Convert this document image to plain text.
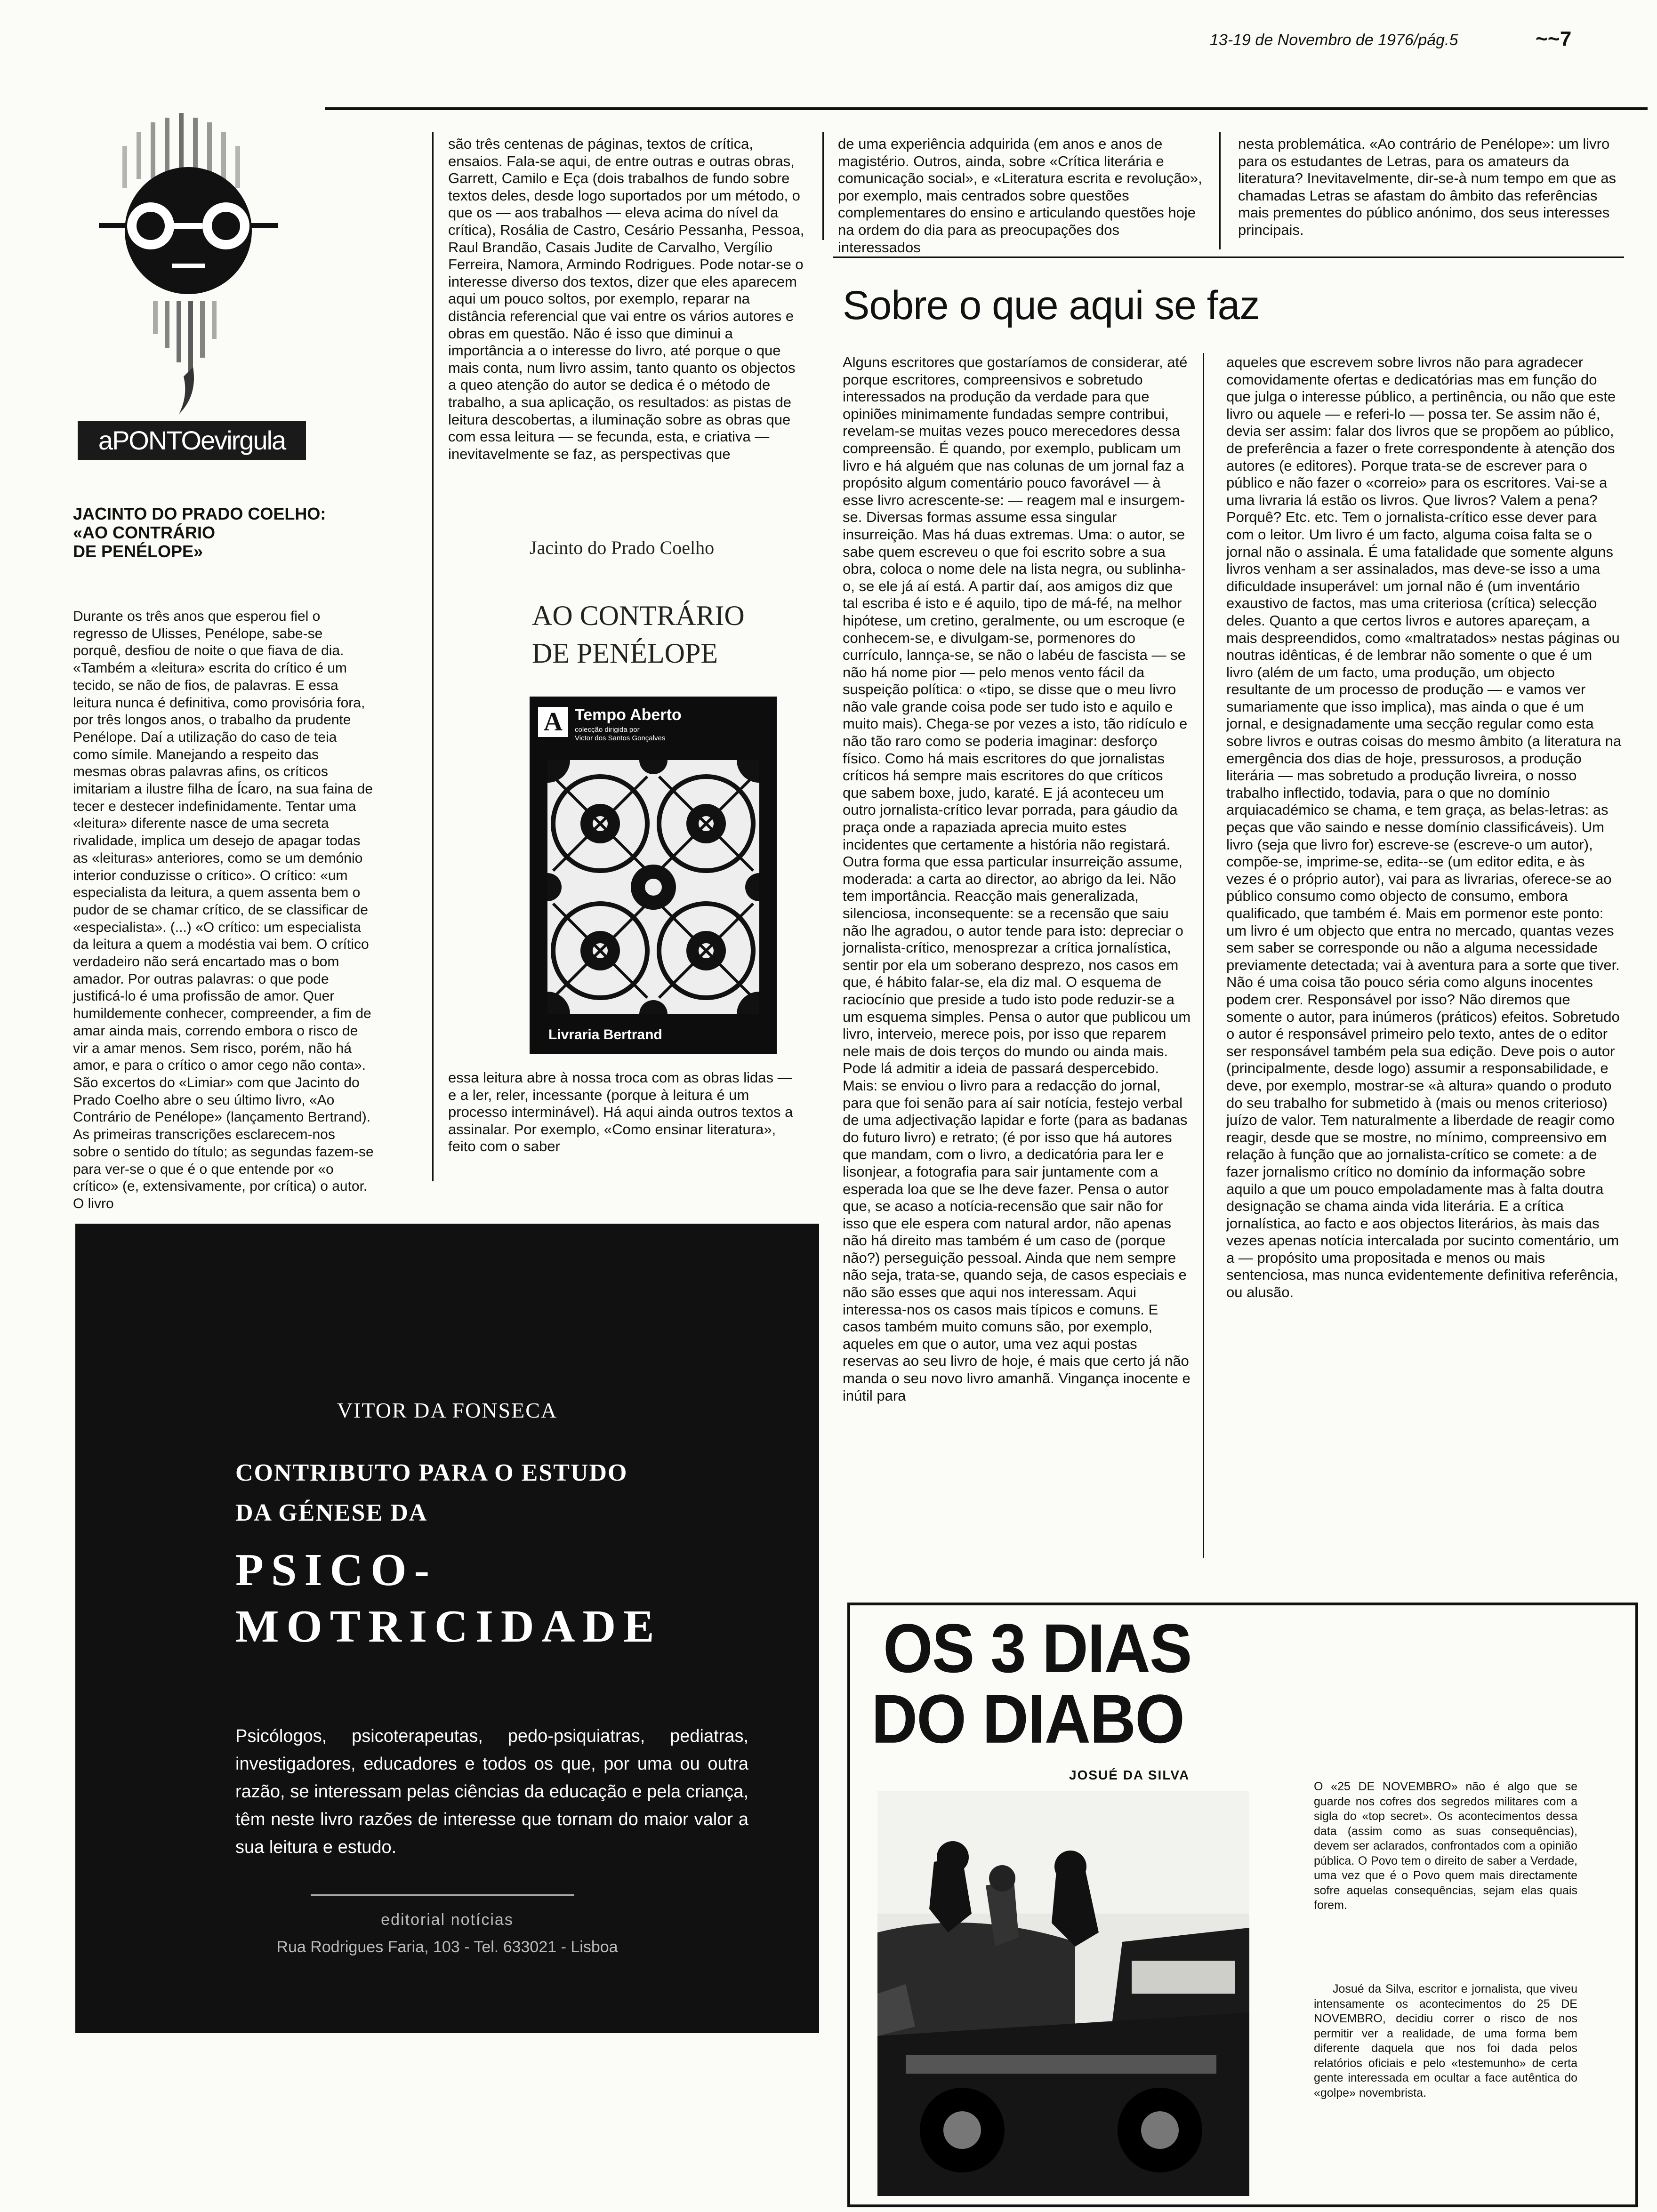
13-19 de Novembro de 1976/pág.5	~ ~ 7
aPONTOevirgula
JACINTO DO PRADO COELHO:
«AO CONTRÁRIO
DE PENÉLOPE»

Durante os três anos que esperou fiel o regresso de Ulisses, Penélope, sabe-se porquê, desfiou de noite o que fiava de dia. «Também a «leitura» escrita do crítico é um tecido, se não de fios, de palavras. E essa leitura nunca é definitiva, como provisória fora, por três longos anos, o trabalho da prudente Penélope. Daí a utilização do caso de teia como símile. Manejando a respeito das mesmas obras palavras afins, os críticos imitariam a ilustre filha de Ícaro, na sua faina de tecer e destecer indefinidamente. Tentar uma «leitura» diferente nasce de uma secreta rivalidade, implica um desejo de apagar todas as «leituras» anteriores, como se um demónio interior conduzisse o crítico». O crítico: «um especialista da leitura, a quem assenta bem o pudor de se chamar crítico, de se classificar de «especialista». (...) «O crítico: um especialista da leitura a quem a modéstia vai bem. O crítico verdadeiro não será encartado mas o bom amador. Por outras palavras: o que pode justificá-lo é uma profissão de amor. Quer humildemente conhecer, compreender, a fim de amar ainda mais, correndo embora o risco de vir a amar menos. Sem risco, porém, não há amor, e para o crítico o amor cego não conta». São excertos do «Limiar» com que Jacinto do Prado Coelho abre o seu último livro, «Ao Contrário de Penélope» (lançamento Bertrand). As primeiras transcrições esclarecem-nos sobre o sentido do título; as segundas fazem-se para ver-se o que é o que entende por «o crítico» (e, extensivamente, por crítica) o autor. O livro

são três centenas de páginas, textos de crítica, ensaios. Fala-se aqui, de entre outras e outras obras, Garrett, Camilo e Eça (dois trabalhos de fundo sobre textos deles, desde logo suportados por um método, o que os — aos trabalhos — eleva acima do nível da crítica), Rosália de Castro, Cesário Pessanha, Pessoa, Raul Brandão, Casais Judite de Carvalho, Vergílio Ferreira, Namora, Armindo Rodrigues. Pode notar-se o interesse diverso dos textos, dizer que eles aparecem aqui um pouco soltos, por exemplo, reparar na distância referencial que vai entre os vários autores e obras em questão. Não é isso que diminui a importância a o interesse do livro, até porque o que mais conta, num livro assim, tanto quanto os objectos a queo atenção do autor se dedica é o método de trabalho, a sua aplicação, os resultados: as pistas de leitura descobertas, a iluminação sobre as obras que com essa leitura — se fecunda, esta, e criativa — inevitavelmente se faz, as perspectivas que

Jacinto do Prado Coelho
AO CONTRÁRIO
DE PENÉLOPE
A Tempo Aberto
colecção dirigida por
Victor dos Santos Gonçalves
Livraria Bertrand

essa leitura abre à nossa troca com as obras lidas — e a ler, reler, incessante (porque à leitura é um processo interminável). Há aqui ainda outros textos a assinalar. Por exemplo, «Como ensinar literatura», feito com o saber

de uma experiência adquirida (em anos e anos de magistério. Outros, ainda, sobre «Crítica literária e comunicação social», e «Literatura escrita e revolução», por exemplo, mais centrados sobre questões complementares do ensino e articulando questões hoje na ordem do dia para as preocupações dos interessados

nesta problemática. «Ao contrário de Penélope»: um livro para os estudantes de Letras, para os amateurs da literatura? Inevitavelmente, dir-se-à num tempo em que as chamadas Letras se afastam do âmbito das referências mais prementes do público anónimo, dos seus interesses principais.

Sobre o que aqui se faz

Alguns escritores que gostaríamos de considerar, até porque escritores, compreensivos e sobretudo interessados na produção da verdade para que opiniões minimamente fundadas sempre contribui, revelam-se muitas vezes pouco merecedores dessa compreensão. É quando, por exemplo, publicam um livro e há alguém que nas colunas de um jornal faz a propósito algum comentário pouco favorável — à esse livro acrescente-se: — reagem mal e insurgem-se. Diversas formas assume essa singular insurreição. Mas há duas extremas. Uma: o autor, se sabe quem escreveu o que foi escrito sobre a sua obra, coloca o nome dele na lista negra, ou sublinha-o, se ele já aí está. A partir daí, aos amigos diz que tal escriba é isto e é aquilo, tipo de má-fé, na melhor hipótese, um cretino, geralmente, ou um escroque (e conhecem-se, e divulgam-se, pormenores do currículo, lannça-se, se não o labéu de fascista — se não há nome pior — pelo menos vento fácil da suspeição política: o «tipo, se disse que o meu livro não vale grande coisa pode ser tudo isto e aquilo e muito mais). Chega-se por vezes a isto, tão ridículo e não tão raro como se poderia imaginar: desforço físico. Como há mais escritores do que jornalistas críticos há sempre mais escritores do que críticos que sabem boxe, judo, karaté. E já aconteceu um outro jornalista-crítico levar porrada, para gáudio da praça onde a rapaziada aprecia muito estes incidentes que certamente a história não registará. Outra forma que essa particular insurreição assume, moderada: a carta ao director, ao abrigo da lei. Não tem importância. Reacção mais generalizada, silenciosa, inconsequente: se a recensão que saiu não lhe agradou, o autor tende para isto: depreciar o jornalista-crítico, menosprezar a crítica jornalística, sentir por ela um soberano desprezo, nos casos em que, é hábito falar-se, ela diz mal. O esquema de raciocínio que preside a tudo isto pode reduzir-se a um esquema simples. Pensa o autor que publicou um livro, interveio, merece pois, por isso que reparem nele mais de dois terços do mundo ou ainda mais. Pode lá admitir a ideia de passará despercebido. Mais: se enviou o livro para a redacção do jornal, para que foi senão para aí sair notícia, festejo verbal de uma adjectivação lapidar e forte (para as badanas do futuro livro) e retrato; (é por isso que há autores que mandam, com o livro, a dedicatória para ler e lisonjear, a fotografia para sair juntamente com a esperada loa que se lhe deve fazer. Pensa o autor que, se acaso a notícia-recensão que sair não for isso que ele espera com natural ardor, não apenas não há direito mas também é um caso de (porque não?) perseguição pessoal. Ainda que nem sempre não seja, trata-se, quando seja, de casos especiais e não são esses que aqui nos interessam. Aqui interessa-nos os casos mais típicos e comuns. E casos também muito comuns são, por exemplo, aqueles em que o autor, uma vez aqui postas reservas ao seu livro de hoje, é mais que certo já não manda o seu novo livro amanhã. Vingança inocente e inútil para

aqueles que escrevem sobre livros não para agradecer comovidamente ofertas e dedicatórias mas em função do que julga o interesse público, a pertinência, ou não que este livro ou aquele — e referi-lo — possa ter. Se assim não é, devia ser assim: falar dos livros que se propõem ao público, de preferência a fazer o frete correspondente à atenção dos autores (e editores). Porque trata-se de escrever para o público e não fazer o «correio» para os escritores. Vai-se a uma livraria lá estão os livros. Que livros? Valem a pena? Porquê? Etc. etc. Tem o jornalista-crítico esse dever para com o leitor. Um livro é um facto, alguma coisa falta se o jornal não o assinala. É uma fatalidade que somente alguns livros venham a ser assinalados, mas deve-se isso a uma dificuldade insuperável: um jornal não é (um inventário exaustivo de factos, mas uma criteriosa (crítica) selecção deles. Quanto a que certos livros e autores apareçam, a mais despreendidos, como «maltratados» nestas páginas ou noutras idênticas, é de lembrar não somente o que é um livro (além de um facto, uma produção, um objecto resultante de um processo de produção — e vamos ver sumariamente que isso implica), mas ainda o que é um jornal, e designadamente uma secção regular como esta sobre livros e outras coisas do mesmo âmbito (a literatura na emergência dos dias de hoje, pressurosos, a produção literária — mas sobretudo a produção livreira, o nosso trabalho inflectido, todavia, para o que no domínio arquiacadémico se chama, e tem graça, as belas-letras: as peças que vão saindo e nesse domínio classificáveis). Um livro (seja que livro for) escreve-se (escreve-o um autor), compõe-se, imprime-se, edita--se (um editor edita, e às vezes é o próprio autor), vai para as livrarias, oferece-se ao público consumo como objecto de consumo, embora qualificado, que também é. Mais em pormenor este ponto: um livro é um objecto que entra no mercado, quantas vezes sem saber se corresponde ou não a alguma necessidade previamente detectada; vai à aventura para a sorte que tiver. Não é uma coisa tão pouco séria como alguns inocentes podem crer. Responsável por isso? Não diremos que somente o autor, para inúmeros (práticos) efeitos. Sobretudo o autor é responsável primeiro pelo texto, antes de o editor ser responsável também pela sua edição. Deve pois o autor (principalmente, desde logo) assumir a responsabilidade, e deve, por exemplo, mostrar-se «à altura» quando o produto do seu trabalho for submetido à (mais ou menos criterioso) juízo de valor. Tem naturalmente a liberdade de reagir como reagir, desde que se mostre, no mínimo, compreensivo em relação à função que ao jornalista-crítico se comete: a de fazer jornalismo crítico no domínio da informação sobre aquilo a que um pouco empoladamente mas à falta doutra designação se chama ainda vida literária. E a crítica jornalística, ao facto e aos objectos literários, às mais das vezes apenas notícia intercalada por sucinto comentário, um a — propósito uma propositada e menos ou mais sentenciosa, mas nunca evidentemente definitiva referência, ou alusão.

VITOR DA FONSECA
CONTRIBUTO PARA O ESTUDO
DA GÉNESE DA
PSICO-
MOTRICIDADE
Psicólogos, psicoterapeutas, pedo-psiquiatras, pediatras, investigadores, educadores e todos os que, por uma ou outra razão, se interessam pelas ciências da educação e pela criança, têm neste livro razões de interesse que tornam do maior valor a sua leitura e estudo.
editorial notícias
Rua Rodrigues Faria, 103 - Tel. 633021 - Lisboa
OS 3 DIAS
DO DIABO
JOSUÉ DA SILVA
O «25 DE NOVEMBRO» não é algo que se guarde nos cofres dos segredos militares com a sigla do «top secret». Os acontecimentos dessa data (assim como as suas consequências), devem ser aclarados, confrontados com a opinião pública. O Povo tem o direito de saber a Verdade, uma vez que é o Povo quem mais directamente sofre aquelas consequências, sejam elas quais forem.
Josué da Silva, escritor e jornalista, que viveu intensamente os acontecimentos do 25 DE NOVEMBRO, decidiu correr o risco de nos permitir ver a realidade, de uma forma bem diferente daquela que nos foi dada pelos relatórios oficiais e pelo «testemunho» de certa gente interessada em ocultar a face autêntica do «golpe» novembrista.
